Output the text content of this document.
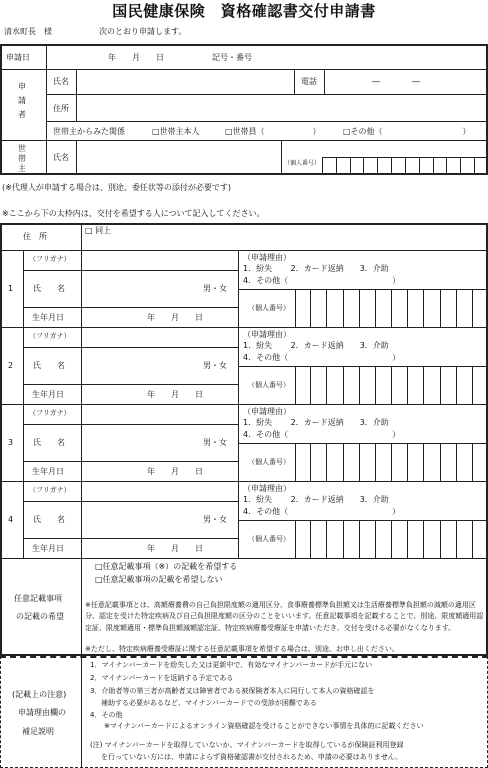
国民健康保険　資格確認書交付申請書
清水町長　様	次のとおり申請します。
申請日	年　　月　　日	記号・番号
申請者
氏名	電話	―　　　　―
住所
世帯主からみた関係	□世帯主本人	□世帯員（　　　　　　）	□その他（　　　　　　　　　　）
世帯主
氏名
（個人番号）
(※代理人が申請する場合は、別途、委任状等の添付が必要です)
※ここから下の太枠内は、交付を希望する人について記入してください。
住　所
□ 同上
1
（フリガナ）
氏　　名	男・女
生年月日	年　　月　　日
（申請理由）
1．紛失　　 2．カード返納　　3．介助
4．その他（　　　　　　　　　　　　　）
（個人番号）
2
（フリガナ）
氏　　名	男・女
生年月日	年　　月　　日
（申請理由）
1．紛失　　 2．カード返納　　3．介助
4．その他（　　　　　　　　　　　　　）
（個人番号）
3
（フリガナ）
氏　　名	男・女
生年月日	年　　月　　日
（申請理由）
1．紛失　　 2．カード返納　　3．介助
4．その他（　　　　　　　　　　　　　）
（個人番号）
4
（フリガナ）
氏　　名	男・女
生年月日	年　　月　　日
（申請理由）
1．紛失　　 2．カード返納　　3．介助
4．その他（　　　　　　　　　　　　　）
（個人番号）
任意記載事項
の記載の希望
□任意記載事項（※）の記載を希望する
□任意記載事項の記載を希望しない
※任意記載事項とは、高額療養費の自己負担限度額の適用区分、食事療養標準負担額又は生活療養標準負担額の減額の適用区分、認定を受けた特定疾病及び自己負担限度額の区分のことをいいます。任意記載事項を記載することで、別途、限度額適用認定証、限度額適用・標準負担額減額認定証、特定疾病療養受療証を申請いただき、交付を受ける必要がなくなります。
※ただし、特定疾病療養受療証に関する任意記載事項を希望する場合は、別途、お申し出ください。
(記載上の注意)
申請理由欄の
補足説明
1．マイナンバーカードを紛失した又は更新中で、有効なマイナンバーカードが手元にない
2．マイナンバーカードを返納する予定である
3．介助者等の第三者が高齢者又は障害者である被保険者本人に同行して本人の資格確認を
補助する必要があるなど、マイナンバーカードでの受診が困難である
4．その他
※マイナンバーカードによるオンライン資格確認を受けることができない事情を具体的に記載ください
(注) マイナンバーカードを取得していないか、マイナンバーカードを取得しているが保険証利用登録
を行っていない方には、申請によらず資格確認書が交付されるため、申請の必要はありません。
